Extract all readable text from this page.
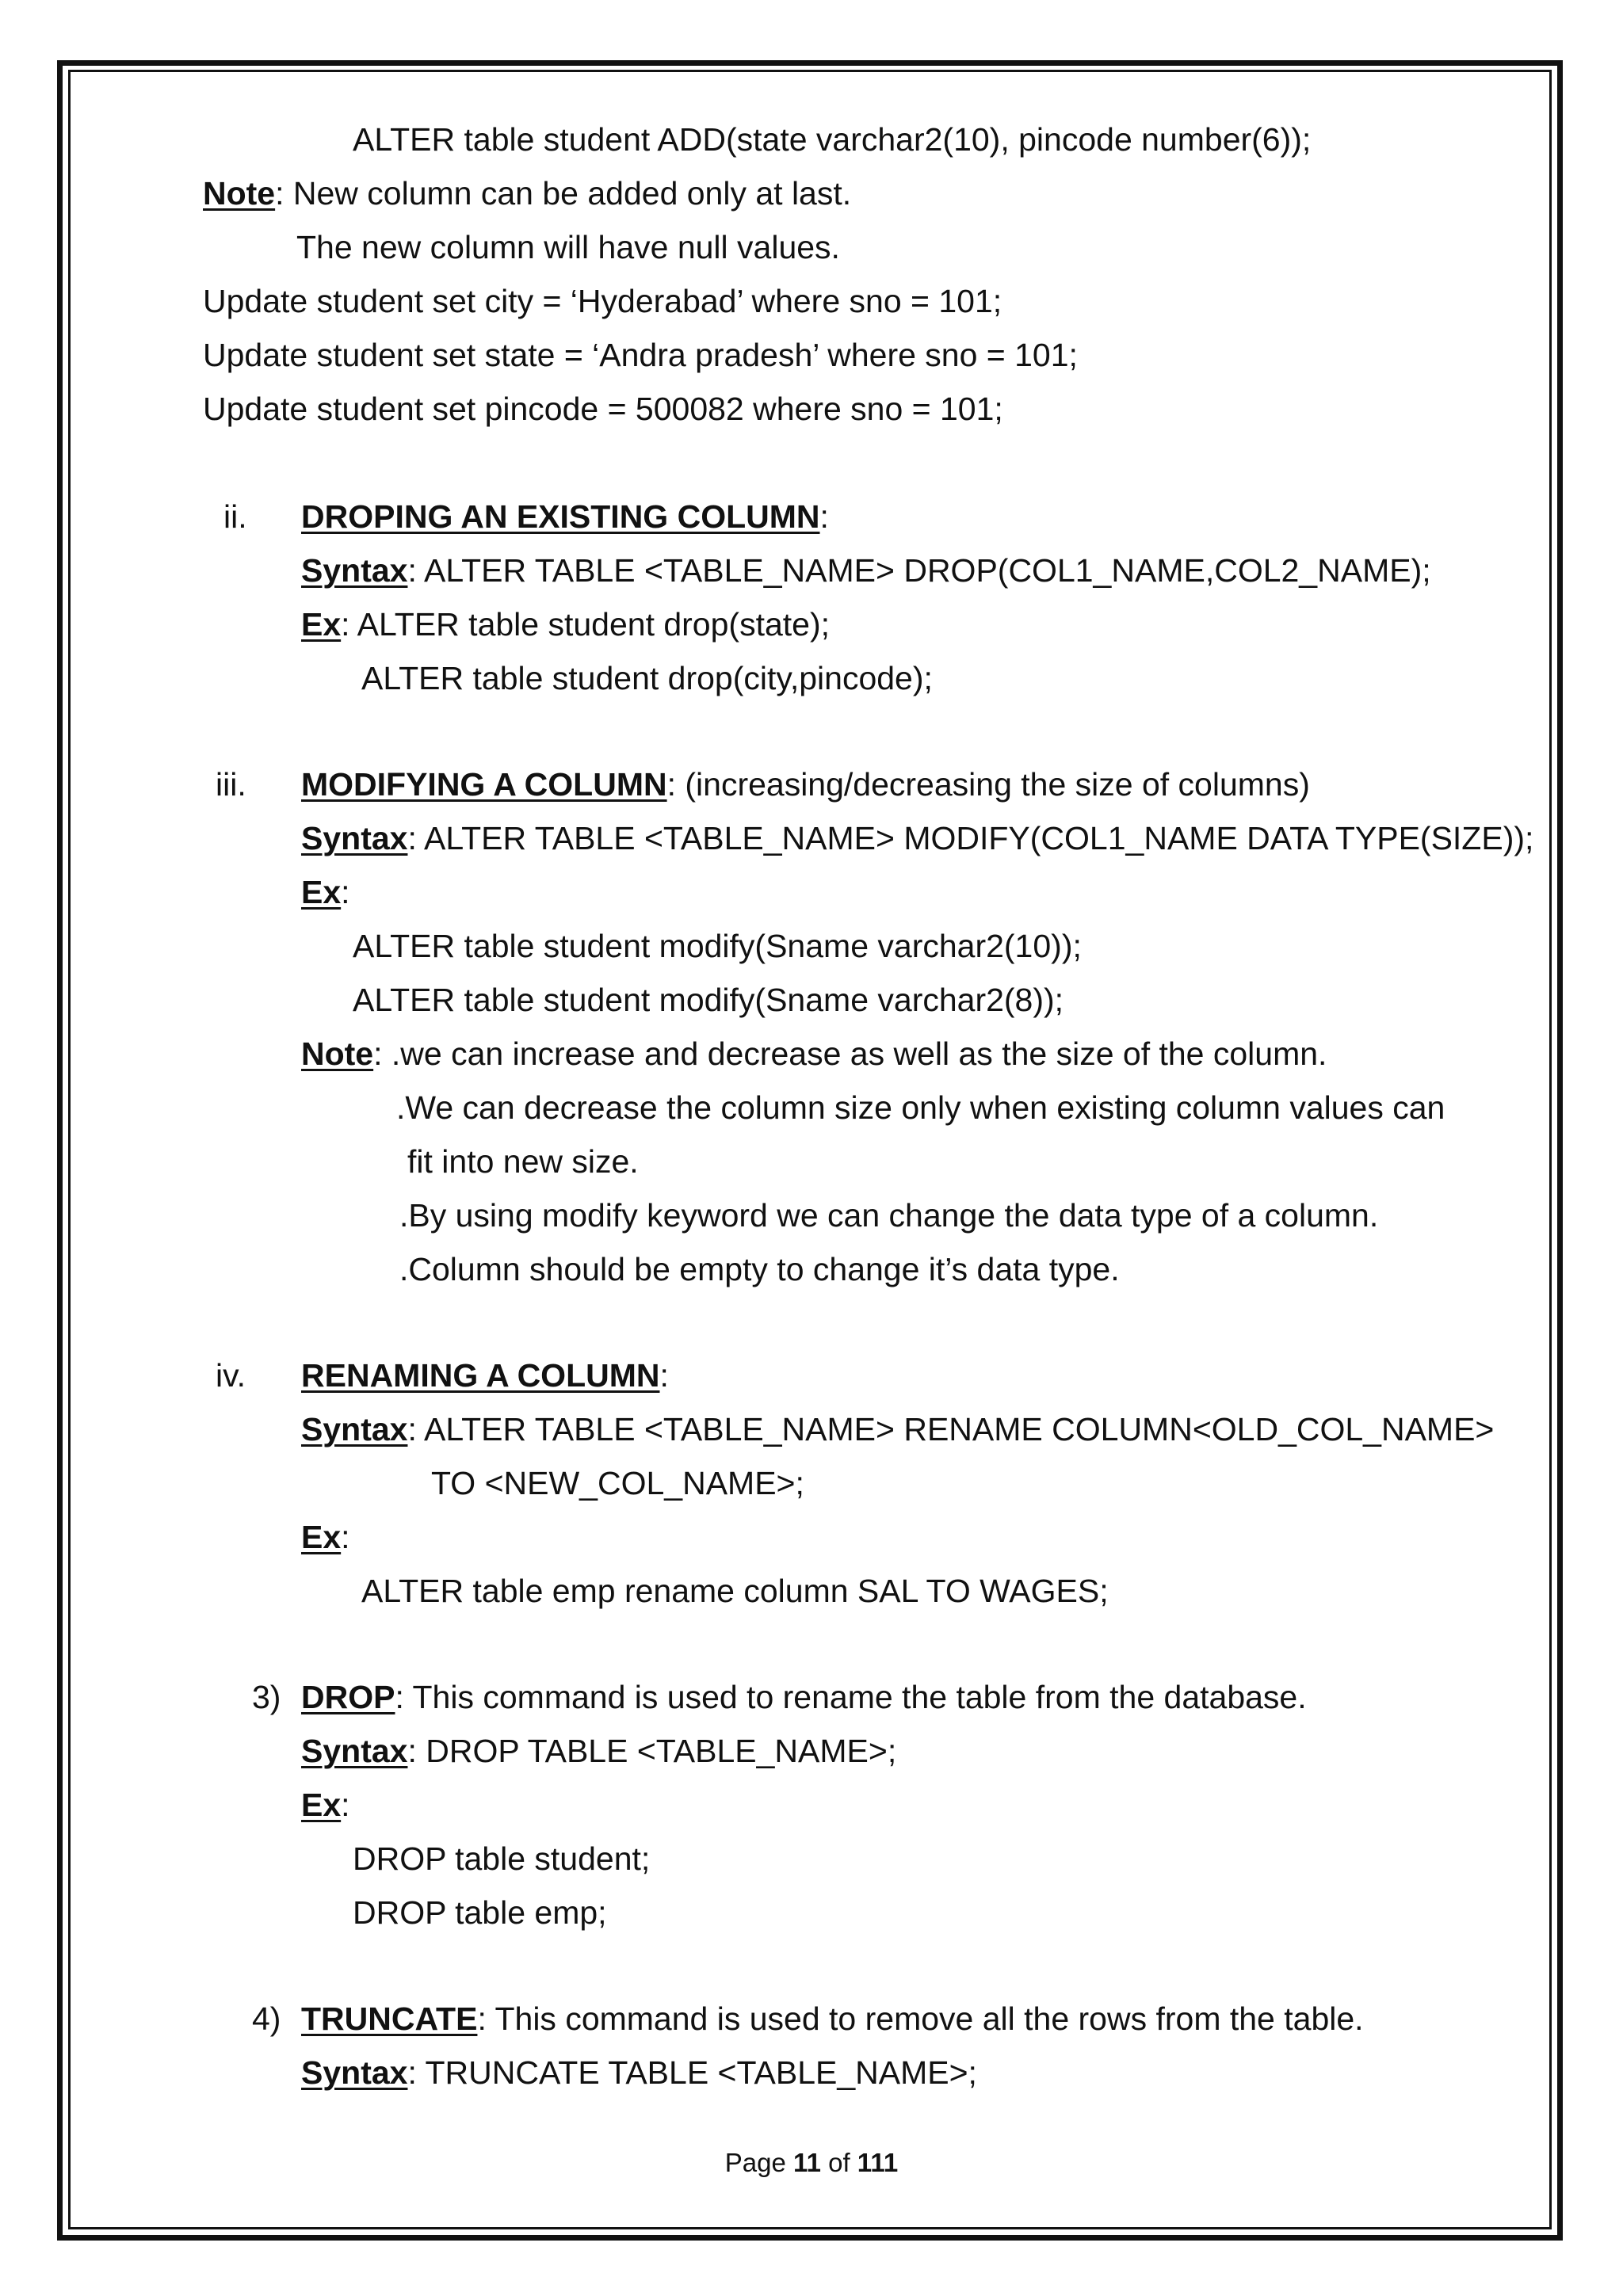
ALTER table student ADD(state varchar2(10), pincode number(6));
Note: New column can be added only at last.
The new column will have null values.
Update student set city = ‘Hyderabad’ where sno = 101;
Update student set state = ‘Andra pradesh’ where sno = 101;
Update student set pincode = 500082 where sno = 101;
ii. DROPING AN EXISTING COLUMN:
Syntax: ALTER TABLE <TABLE_NAME> DROP(COL1_NAME,COL2_NAME);
Ex: ALTER table student drop(state);
ALTER table student drop(city,pincode);
iii. MODIFYING A COLUMN: (increasing/decreasing the size of columns)
Syntax: ALTER TABLE <TABLE_NAME> MODIFY(COL1_NAME DATA TYPE(SIZE));
Ex:
ALTER table student modify(Sname varchar2(10));
ALTER table student modify(Sname varchar2(8));
Note: .we can increase and decrease as well as the size of the column.
.We can decrease the column size only when existing column values can
fit into new size.
.By using modify keyword we can change the data type of a column.
.Column should be empty to change it’s data type.
iv. RENAMING A COLUMN:
Syntax: ALTER TABLE <TABLE_NAME> RENAME COLUMN<OLD_COL_NAME>
TO <NEW_COL_NAME>;
Ex:
ALTER table emp rename column SAL TO WAGES;
3) DROP: This command is used to rename the table from the database.
Syntax: DROP TABLE <TABLE_NAME>;
Ex:
DROP table student;
DROP table emp;
4) TRUNCATE: This command is used to remove all the rows from the table.
Syntax: TRUNCATE TABLE <TABLE_NAME>;
Page 11 of 111
